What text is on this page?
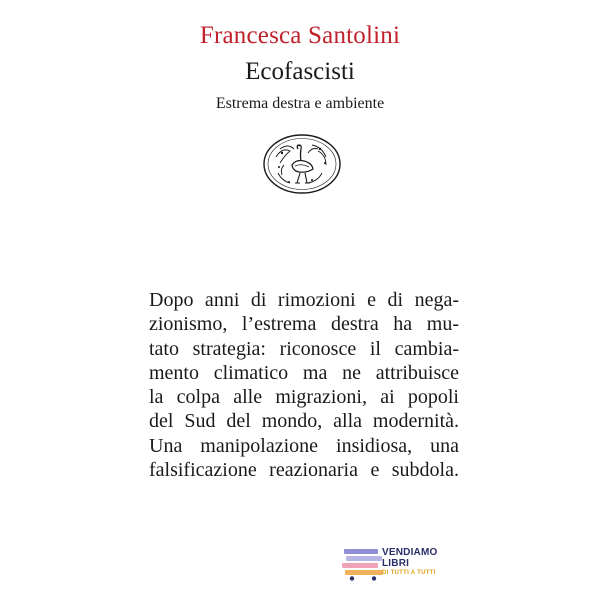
Francesca Santolini
Ecofascisti
Estrema destra e ambiente
Dopo anni di rimozioni e di nega-
zionismo, l’estrema destra ha mu-
tato strategia: riconosce il cambia-
mento climatico ma ne attribuisce
la colpa alle migrazioni, ai popoli
del Sud del mondo, alla modernità.
Una manipolazione insidiosa, una
falsificazione reazionaria e subdola.
VENDIAMO
LIBRI
DI TUTTI A TUTTI
